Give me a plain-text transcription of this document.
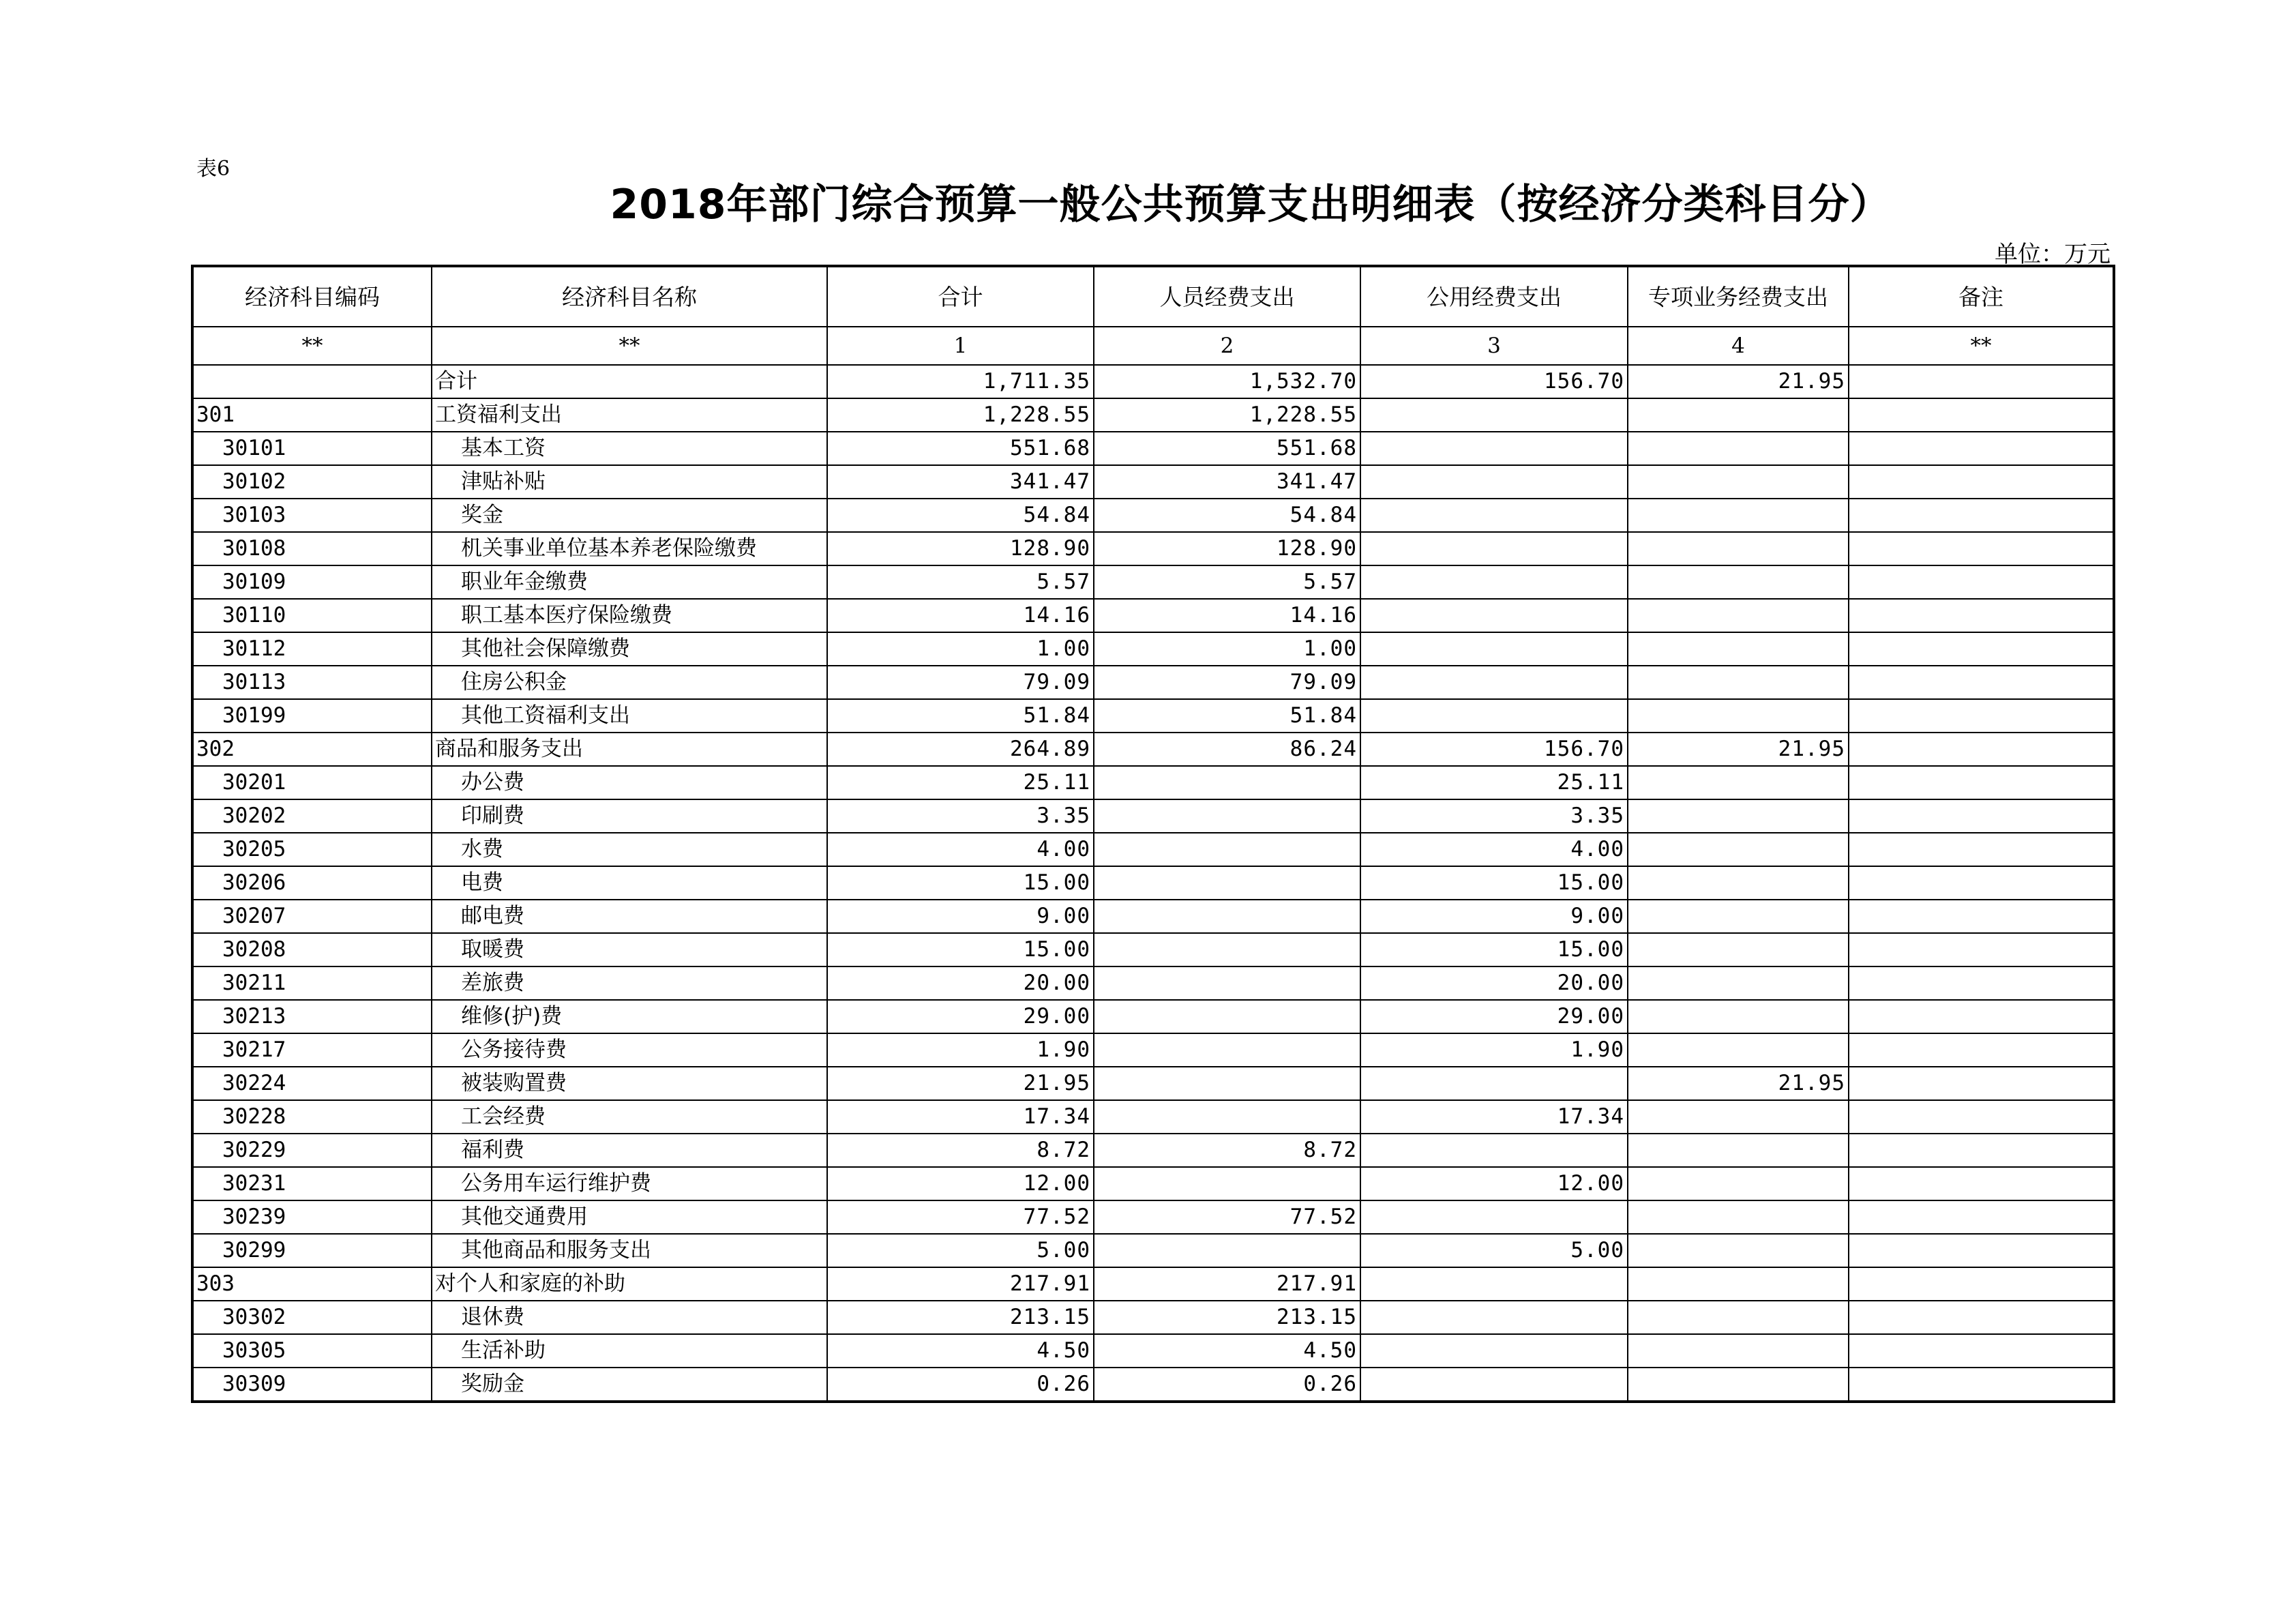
表6
2018年部门综合预算一般公共预算支出明细表（按经济分类科目分）
单位：万元
经济科目编码	经济科目名称	合计	人员经费支出	公用经费支出	专项业务经费支出	备注
**	**	1	2	3	4	**
	合计	1,711.35	1,532.70	156.70	21.95	
301	工资福利支出	1,228.55	1,228.55			
30101	基本工资	551.68	551.68			
30102	津贴补贴	341.47	341.47			
30103	奖金	54.84	54.84			
30108	机关事业单位基本养老保险缴费	128.90	128.90			
30109	职业年金缴费	5.57	5.57			
30110	职工基本医疗保险缴费	14.16	14.16			
30112	其他社会保障缴费	1.00	1.00			
30113	住房公积金	79.09	79.09			
30199	其他工资福利支出	51.84	51.84			
302	商品和服务支出	264.89	86.24	156.70	21.95	
30201	办公费	25.11		25.11		
30202	印刷费	3.35		3.35		
30205	水费	4.00		4.00		
30206	电费	15.00		15.00		
30207	邮电费	9.00		9.00		
30208	取暖费	15.00		15.00		
30211	差旅费	20.00		20.00		
30213	维修(护)费	29.00		29.00		
30217	公务接待费	1.90		1.90		
30224	被装购置费	21.95			21.95	
30228	工会经费	17.34		17.34		
30229	福利费	8.72	8.72			
30231	公务用车运行维护费	12.00		12.00		
30239	其他交通费用	77.52	77.52			
30299	其他商品和服务支出	5.00		5.00		
303	对个人和家庭的补助	217.91	217.91			
30302	退休费	213.15	213.15			
30305	生活补助	4.50	4.50			
30309	奖励金	0.26	0.26			
